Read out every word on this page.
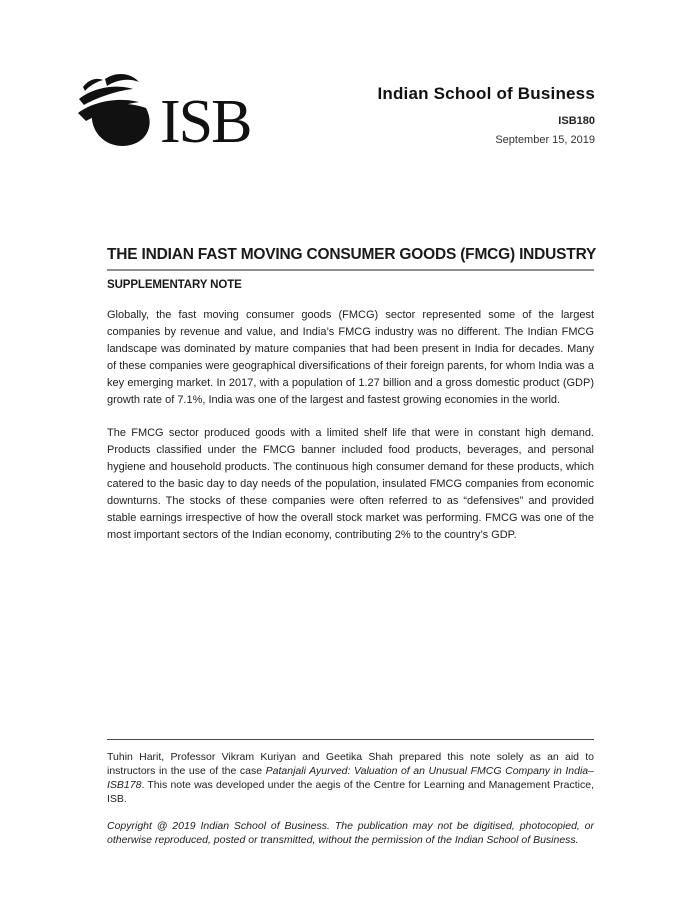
ISB	Indian School of Business
ISB180
September 15, 2019
THE INDIAN FAST MOVING CONSUMER GOODS (FMCG) INDUSTRY
SUPPLEMENTARY NOTE

Globally, the fast moving consumer goods (FMCG) sector represented some of the largest companies by revenue and value, and India’s FMCG industry was no different. The Indian FMCG landscape was dominated by mature companies that had been present in India for decades. Many of these companies were geographical diversifications of their foreign parents, for whom India was a key emerging market. In 2017, with a population of 1.27 billion and a gross domestic product (GDP) growth rate of 7.1%, India was one of the largest and fastest growing economies in the world.

The FMCG sector produced goods with a limited shelf life that were in constant high demand. Products classified under the FMCG banner included food products, beverages, and personal hygiene and household products. The continuous high consumer demand for these products, which catered to the basic day to day needs of the population, insulated FMCG companies from economic downturns. The stocks of these companies were often referred to as “defensives” and provided stable earnings irrespective of how the overall stock market was performing. FMCG was one of the most important sectors of the Indian economy, contributing 2% to the country’s GDP.

Tuhin Harit, Professor Vikram Kuriyan and Geetika Shah prepared this note solely as an aid to instructors in the use of the case Patanjali Ayurved: Valuation of an Unusual FMCG Company in India– ISB178. This note was developed under the aegis of the Centre for Learning and Management Practice, ISB.

Copyright @ 2019 Indian School of Business. The publication may not be digitised, photocopied, or otherwise reproduced, posted or transmitted, without the permission of the Indian School of Business.
